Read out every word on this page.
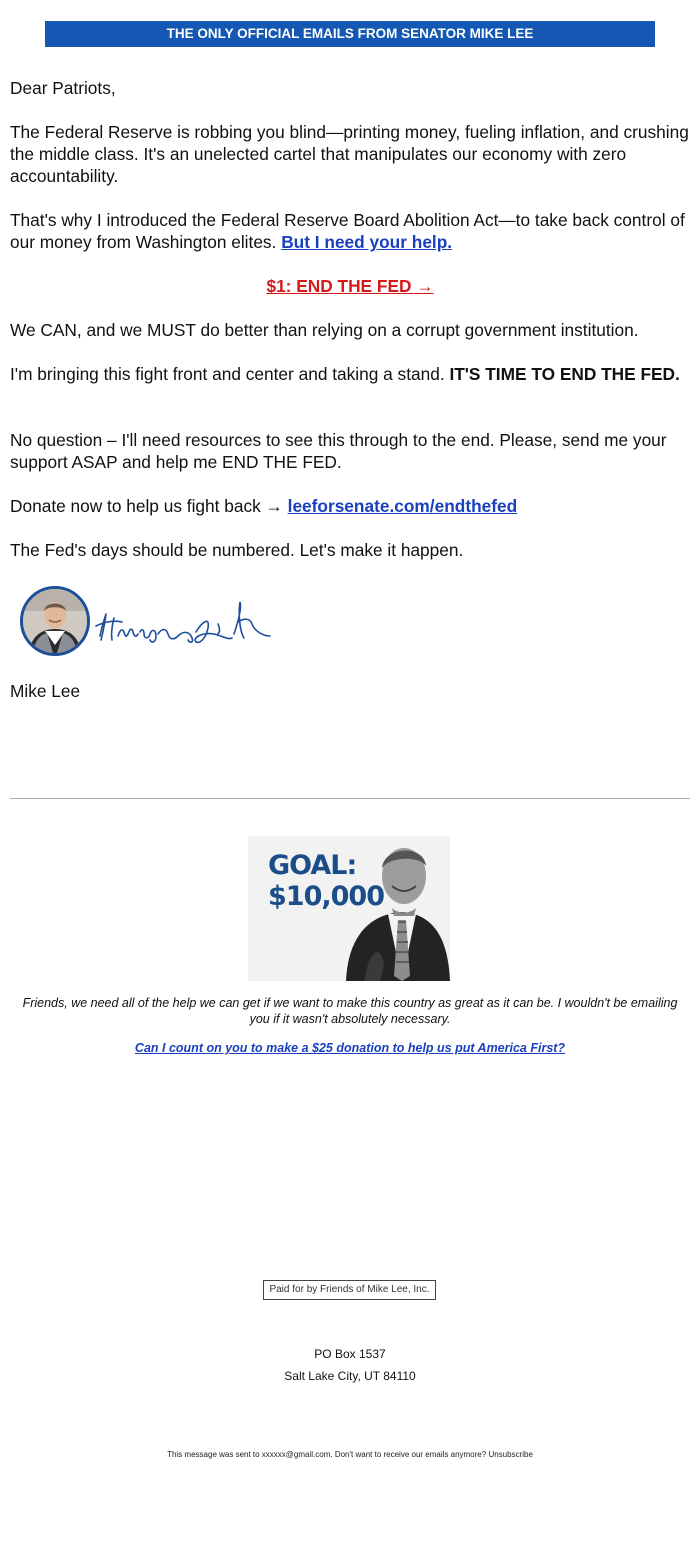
THE ONLY OFFICIAL EMAILS FROM SENATOR MIKE LEE

Dear Patriots,

The Federal Reserve is robbing you blind—printing money, fueling inflation, and crushing the middle class. It's an unelected cartel that manipulates our economy with zero accountability.

That's why I introduced the Federal Reserve Board Abolition Act—to take back control of our money from Washington elites. But I need your help.

$1: END THE FED →

We CAN, and we MUST do better than relying on a corrupt government institution.

I'm bringing this fight front and center and taking a stand. IT'S TIME TO END THE FED.

No question – I'll need resources to see this through to the end. Please, send me your support ASAP and help me END THE FED.

Donate now to help us fight back → leeforsenate.com/endthefed

The Fed's days should be numbered. Let's make it happen.

Mike Lee

GOAL:
$10,000
Friends, we need all of the help we can get if we want to make this country as great as it can be. I wouldn't be emailing you if it wasn't absolutely necessary.
Can I count on you to make a $25 donation to help us put America First?
Paid for by Friends of Mike Lee, Inc.
PO Box 1537
Salt Lake City, UT 84110
This message was sent to xxxxxx@gmail.com. Don't want to receive our emails anymore? Unsubscribe
